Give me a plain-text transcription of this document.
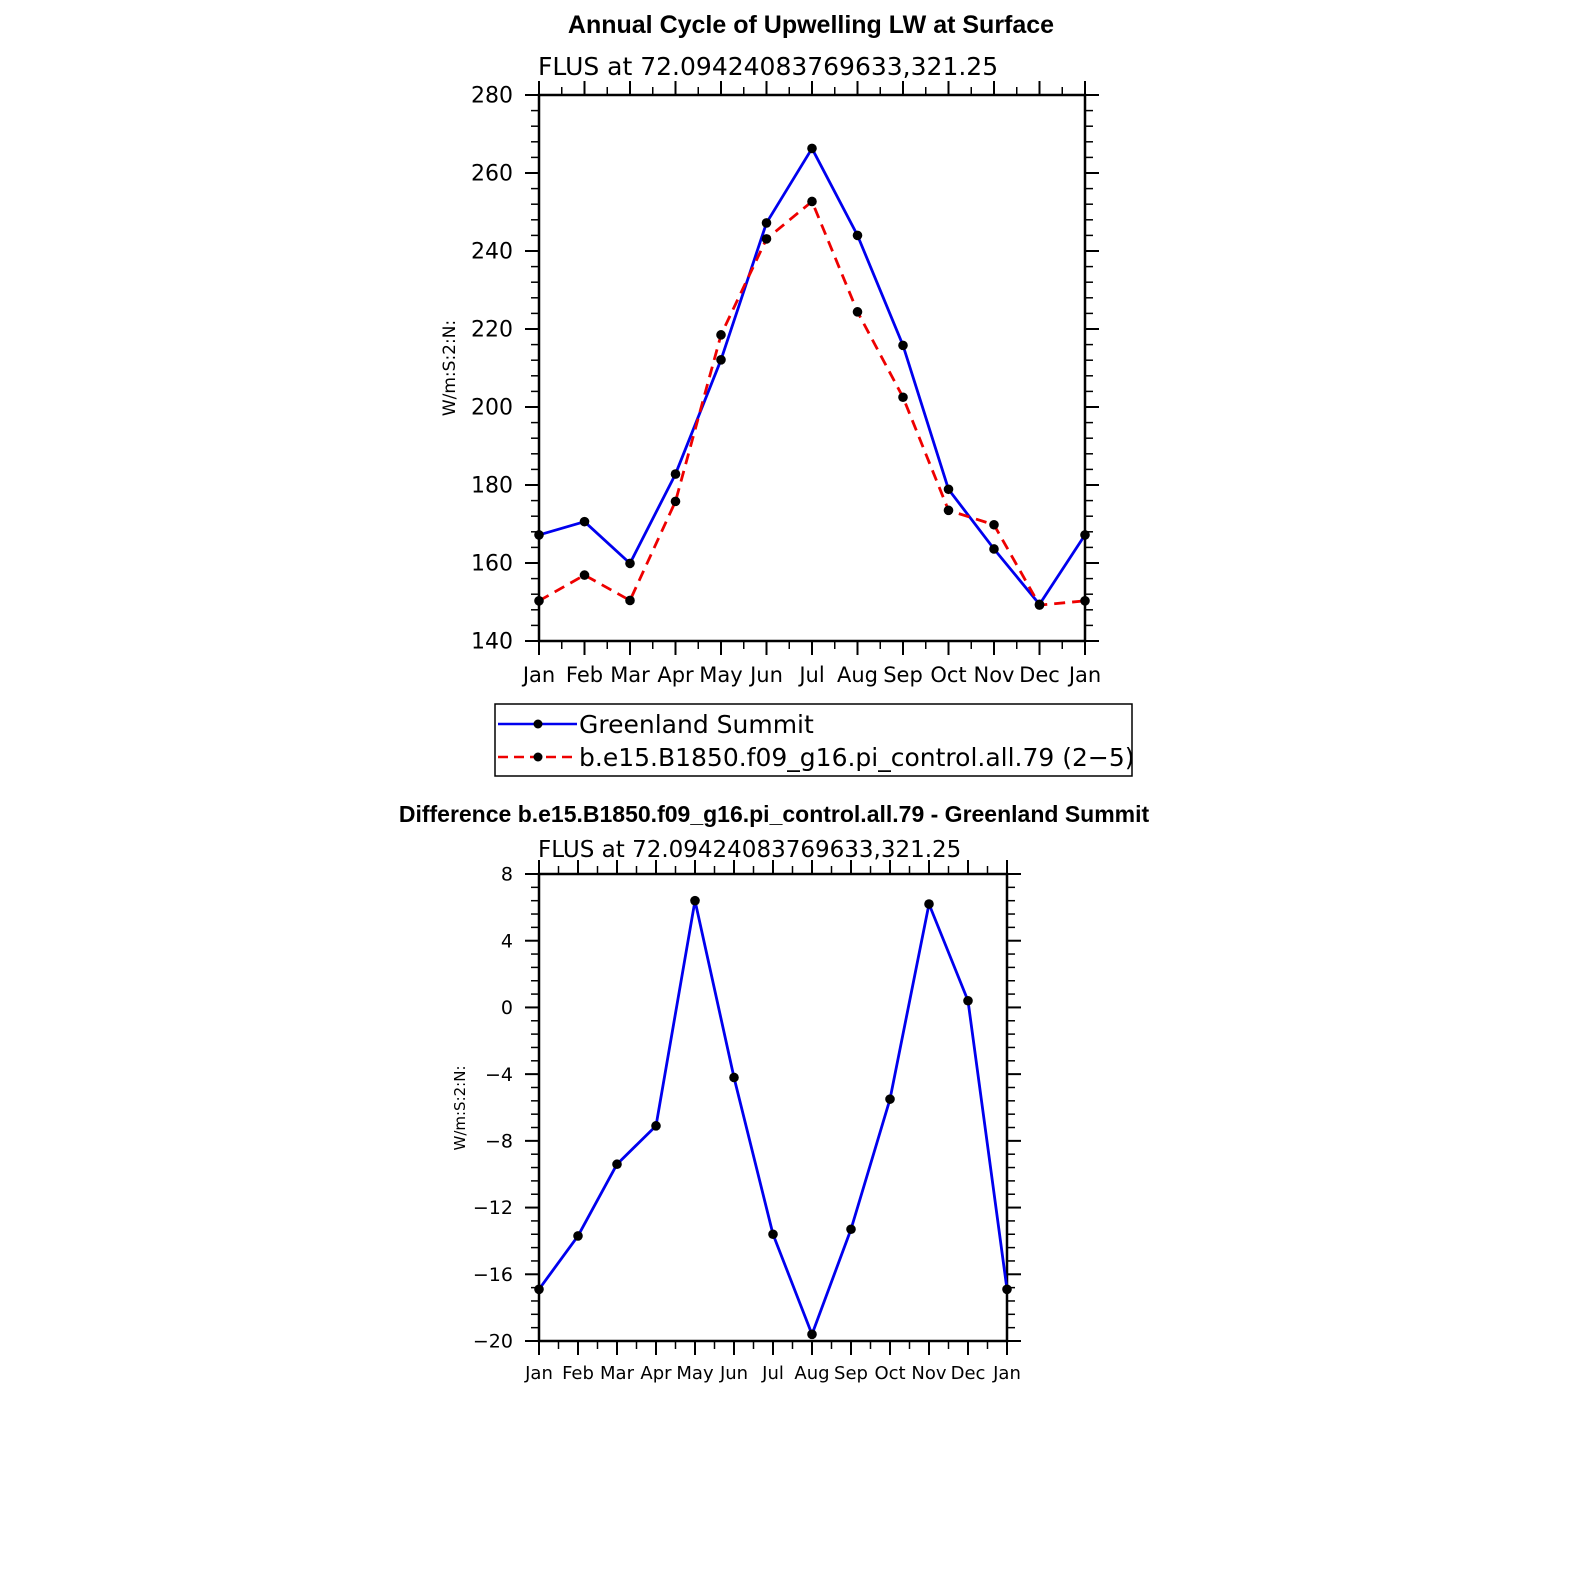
Annual Cycle of Upwelling LW at Surface
FLUS at 72.09424083769633,321.25
W/m:S:2:N:
140
160
180
200
220
240
260
280
Jan Feb Mar Apr May Jun Jul Aug Sep Oct Nov Dec Jan
Greenland Summit
b.e15.B1850.f09_g16.pi_control.all.79 (2−5)
Difference b.e15.B1850.f09_g16.pi_control.all.79 - Greenland Summit
FLUS at 72.09424083769633,321.25
W/m:S:2:N:
−20
−16
−12
−8
−4
0
4
8
Jan Feb Mar Apr May Jun Jul Aug Sep Oct Nov Dec Jan
